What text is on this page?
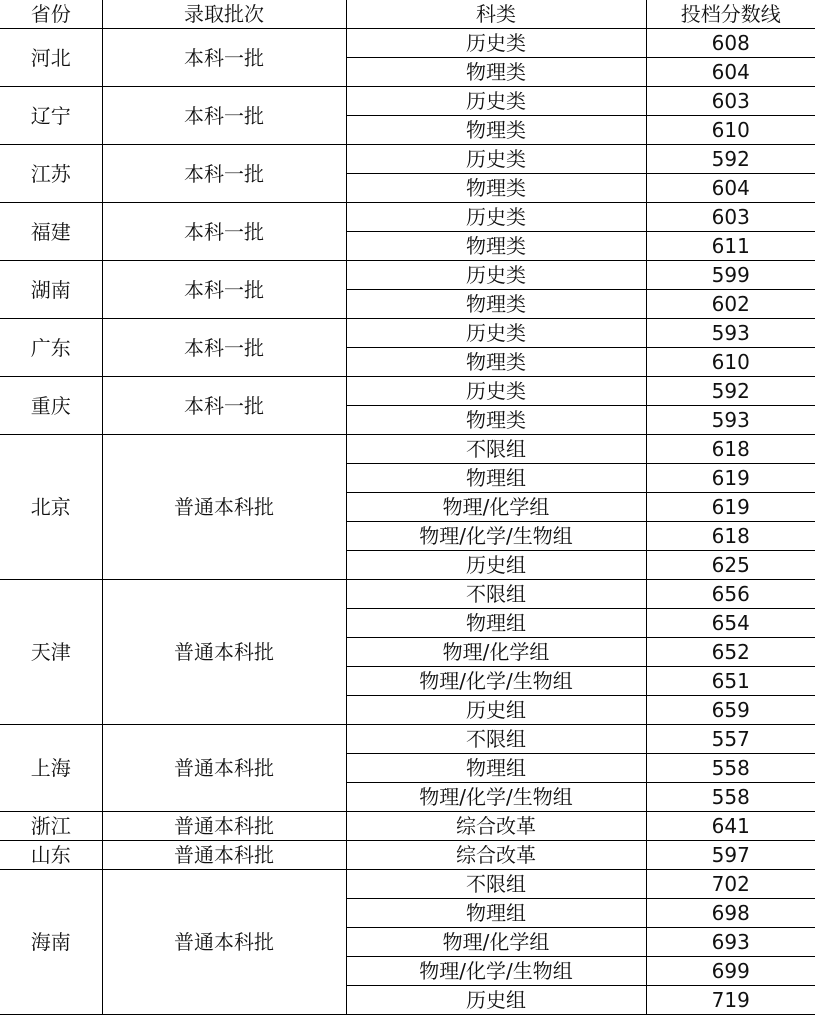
省份	录取批次	科类	投档分数线
河北	本科一批	历史类	608
		物理类	604
辽宁	本科一批	历史类	603
		物理类	610
江苏	本科一批	历史类	592
		物理类	604
福建	本科一批	历史类	603
		物理类	611
湖南	本科一批	历史类	599
		物理类	602
广东	本科一批	历史类	593
		物理类	610
重庆	本科一批	历史类	592
		物理类	593
北京	普通本科批	不限组	618
		物理组	619
		物理/化学组	619
		物理/化学/生物组	618
		历史组	625
天津	普通本科批	不限组	656
		物理组	654
		物理/化学组	652
		物理/化学/生物组	651
		历史组	659
上海	普通本科批	不限组	557
		物理组	558
		物理/化学/生物组	558
浙江	普通本科批	综合改革	641
山东	普通本科批	综合改革	597
海南	普通本科批	不限组	702
		物理组	698
		物理/化学组	693
		物理/化学/生物组	699
		历史组	719
